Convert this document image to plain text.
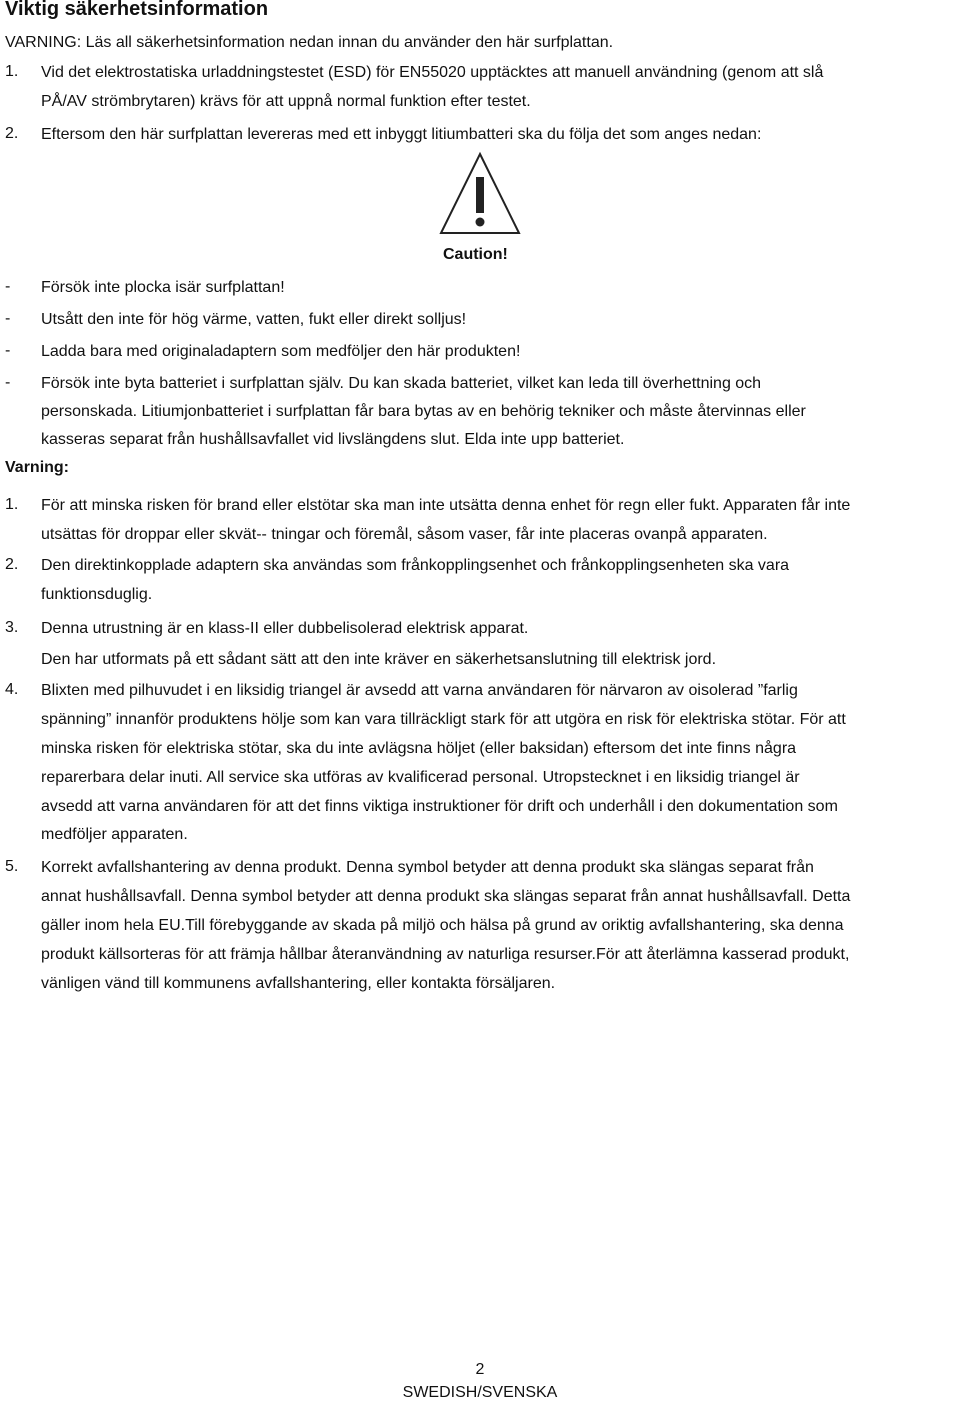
Viktig säkerhetsinformation
VARNING: Läs all säkerhetsinformation nedan innan du använder den här surfplattan.
1. Vid det elektrostatiska urladdningstestet (ESD) för EN55020 upptäcktes att manuell användning (genom att slå
PÅ/AV strömbrytaren) krävs för att uppnå normal funktion efter testet.
2. Eftersom den här surfplattan levereras med ett inbyggt litiumbatteri ska du följa det som anges nedan:
Caution!
- Försök inte plocka isär surfplattan!
- Utsått den inte för hög värme, vatten, fukt eller direkt solljus!
- Ladda bara med originaladaptern som medföljer den här produkten!
- Försök inte byta batteriet i surfplattan själv. Du kan skada batteriet, vilket kan leda till överhettning och
personskada. Litiumjonbatteriet i surfplattan får bara bytas av en behörig tekniker och måste återvinnas eller
kasseras separat från hushållsavfallet vid livslängdens slut. Elda inte upp batteriet.
Varning:
1. För att minska risken för brand eller elstötar ska man inte utsätta denna enhet för regn eller fukt. Apparaten får inte
utsättas för droppar eller skvät-- tningar och föremål, såsom vaser, får inte placeras ovanpå apparaten.
2. Den direktinkopplade adaptern ska användas som frånkopplingsenhet och frånkopplingsenheten ska vara
funktionsduglig.
3. Denna utrustning är en klass-II eller dubbelisolerad elektrisk apparat.
Den har utformats på ett sådant sätt att den inte kräver en säkerhetsanslutning till elektrisk jord.
4. Blixten med pilhuvudet i en liksidig triangel är avsedd att varna användaren för närvaron av oisolerad ”farlig
spänning” innanför produktens hölje som kan vara tillräckligt stark för att utgöra en risk för elektriska stötar. För att
minska risken för elektriska stötar, ska du inte avlägsna höljet (eller baksidan) eftersom det inte finns några
reparerbara delar inuti. All service ska utföras av kvalificerad personal. Utropstecknet i en liksidig triangel är
avsedd att varna användaren för att det finns viktiga instruktioner för drift och underhåll i den dokumentation som
medföljer apparaten.
5. Korrekt avfallshantering av denna produkt. Denna symbol betyder att denna produkt ska slängas separat från
annat hushållsavfall. Denna symbol betyder att denna produkt ska slängas separat från annat hushållsavfall. Detta
gäller inom hela EU.Till förebyggande av skada på miljö och hälsa på grund av oriktig avfallshantering, ska denna
produkt källsorteras för att främja hållbar återanvändning av naturliga resurser.För att återlämna kasserad produkt,
vänligen vänd till kommunens avfallshantering, eller kontakta försäljaren.
2
SWEDISH/SVENSKA
